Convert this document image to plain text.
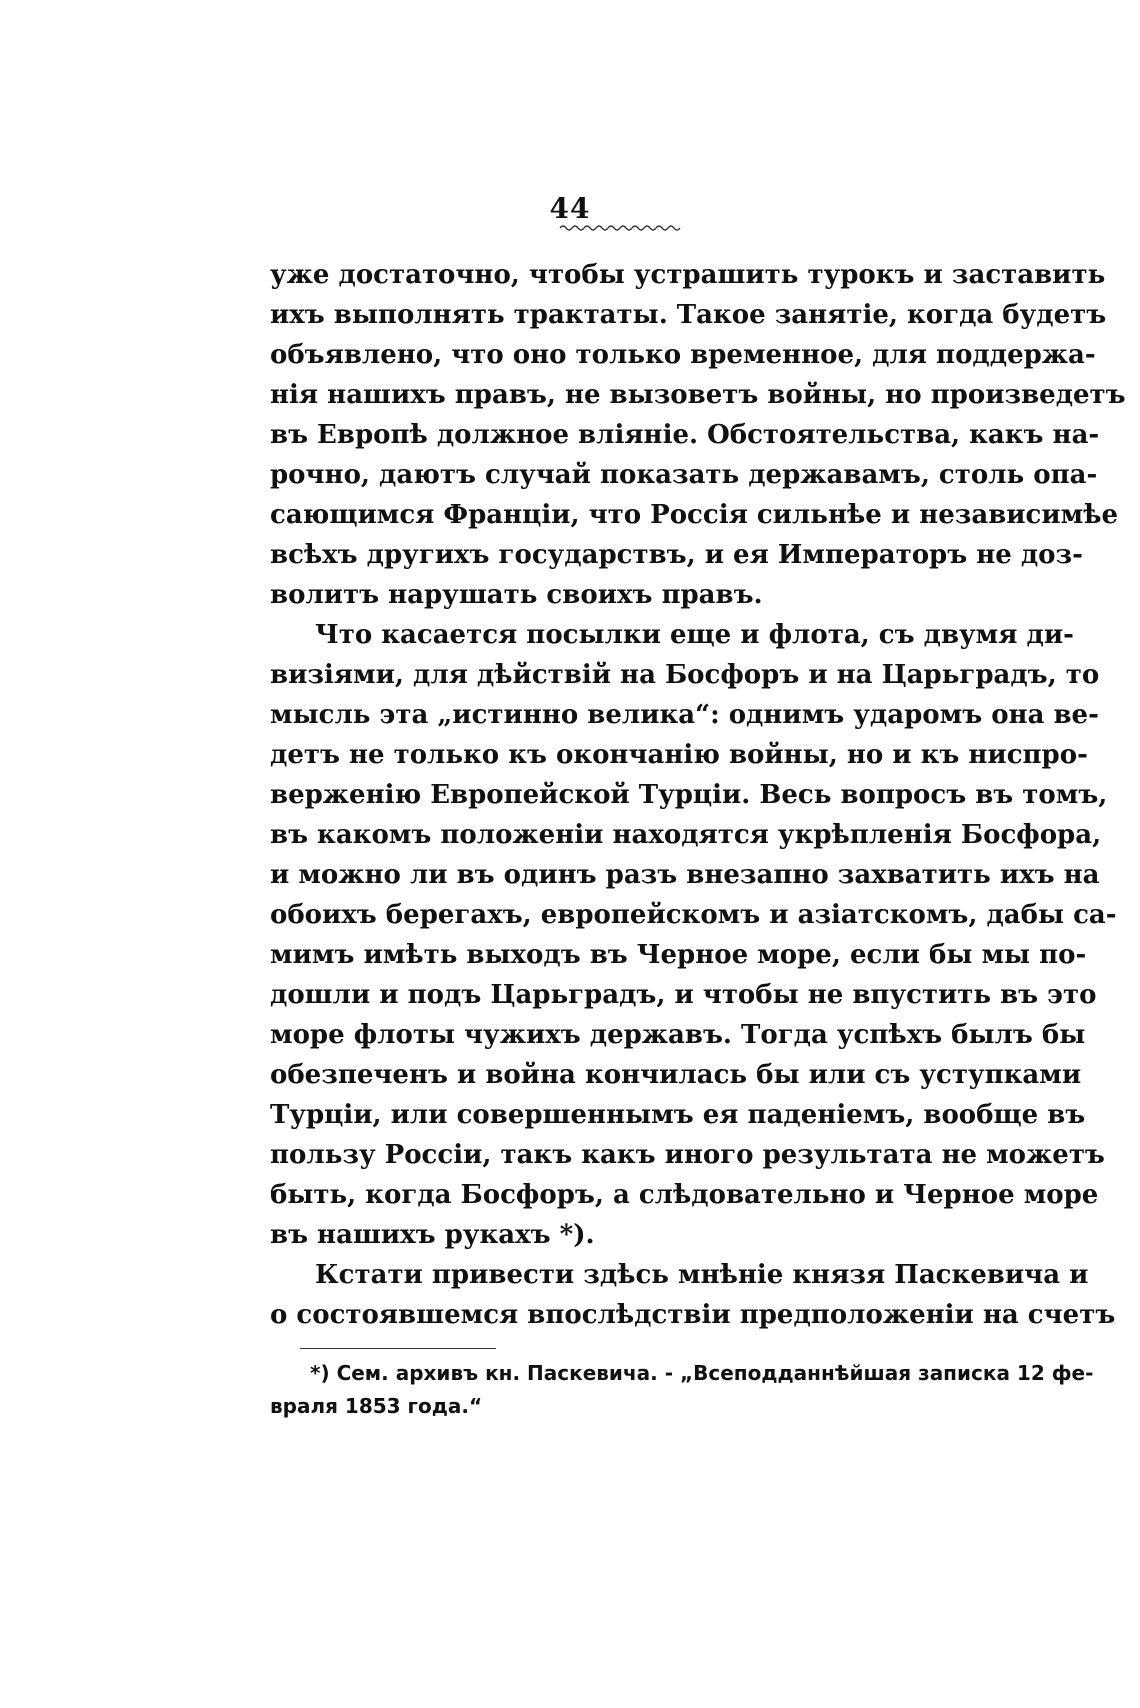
44
уже достаточно, чтобы устрашить турокъ и заставить
ихъ выполнять трактаты. Такое занятіе, когда будетъ
объявлено, что оно только временное, для поддержа-
нія нашихъ правъ, не вызоветъ войны, но произведетъ
въ Европѣ должное вліяніе. Обстоятельства, какъ на-
рочно, даютъ случай показать державамъ, столь опа-
сающимся Франціи, что Россія сильнѣе и независимѣе
всѣхъ другихъ государствъ, и ея Императоръ не доз-
волитъ нарушать своихъ правъ.
Что касается посылки еще и флота, съ двумя ди-
визіями, для дѣйствій на Босфоръ и на Царьградъ, то
мысль эта „истинно велика“: однимъ ударомъ она ве-
детъ не только къ окончанію войны, но и къ ниспро-
верженію Европейской Турціи. Весь вопросъ въ томъ,
въ какомъ положеніи находятся укрѣпленія Босфора,
и можно ли въ одинъ разъ внезапно захватить ихъ на
обоихъ берегахъ, европейскомъ и азіатскомъ, дабы са-
мимъ имѣть выходъ въ Черное море, если бы мы по-
дошли и подъ Царьградъ, и чтобы не впустить въ это
море флоты чужихъ державъ. Тогда успѣхъ былъ бы
обезпеченъ и война кончилась бы или съ уступками
Турціи, или совершеннымъ ея паденіемъ, вообще въ
пользу Россіи, такъ какъ иного результата не можетъ
быть, когда Босфоръ, а слѣдовательно и Черное море
въ нашихъ рукахъ *).
Кстати привести здѣсь мнѣніе князя Паскевича и
о состоявшемся впослѣдствіи предположеніи на счетъ
*) Сем. архивъ кн. Паскевича. - „Всеподданнѣйшая записка 12 фе-
враля 1853 года.“
